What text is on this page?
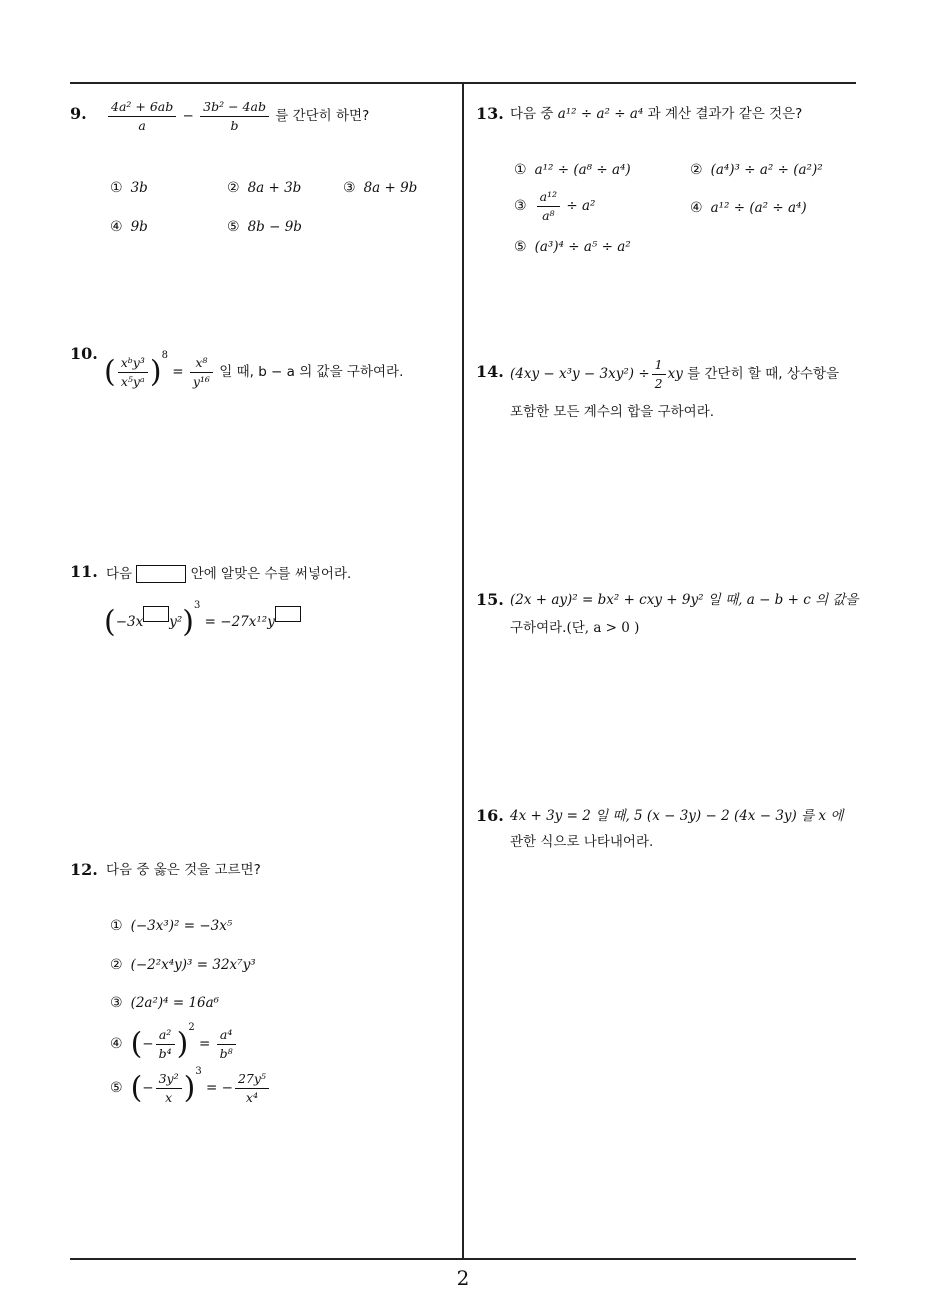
9. $\frac{\text{4a² + 6ab}}{a} - \frac{\text{3b² − 4ab}}{b}$ 를 간단히 하면?
① 3b	② 8a + 3b	③ 8a + 9b
④ 9b	⑤ 8b − 9b
10.
( $\frac{\text{xᵇy³}}{\text{x⁵yᵃ}} )^8 = \frac{\text{x⁸}}{\text{y¹⁶}}$ 일 때, b − a 의 값을 구하여라.
11. 다음	안에 알맞은 수를 써넣어라.
(−3x y²)$^3$ = −27x¹²y
12. 다음 중 옳은 것을 고르면?
① (−3x³)² = −3x⁵
② (−2²x⁴y)³ = 32x⁷y³
③ (2a²)⁴ = 16a⁶
④ (− $\frac{\text{a²}}{\text{b⁴}} )^2 = \frac{\text{a⁴}}{\text{b⁸}}$
⑤ (− $\frac{\text{3y²}}{x} )^3$ = − $\frac{\text{27y⁵}}{\text{x⁴}}$
13. 다음 중 a¹² ÷ a² ÷ a⁴ 과 계산 결과가 같은 것은?
① a¹² ÷ (a⁸ ÷ a⁴)	② (a⁴)³ ÷ a² ÷ (a²)²
③ $\frac{\text{a¹²}}{\text{a⁸}} \div a^2$	④ a¹² ÷ (a² ÷ a⁴)
⑤ (a³)⁴ ÷ a⁵ ÷ a²
14. $(4xy - x^3y - 3xy^2) \div \frac{1}{2}$ xy 를 간단히 할 때, 상수항을
포함한 모든 계수의 합을 구하여라.
15. (2x + ay)² = bx² + cxy + 9y² 일 때, a − b + c 의 값을
구하여라.(단, a > 0 )
16. 4x + 3y = 2 일 때, 5 (x − 3y) − 2 (4x − 3y) 를 x 에
관한 식으로 나타내어라.
2
